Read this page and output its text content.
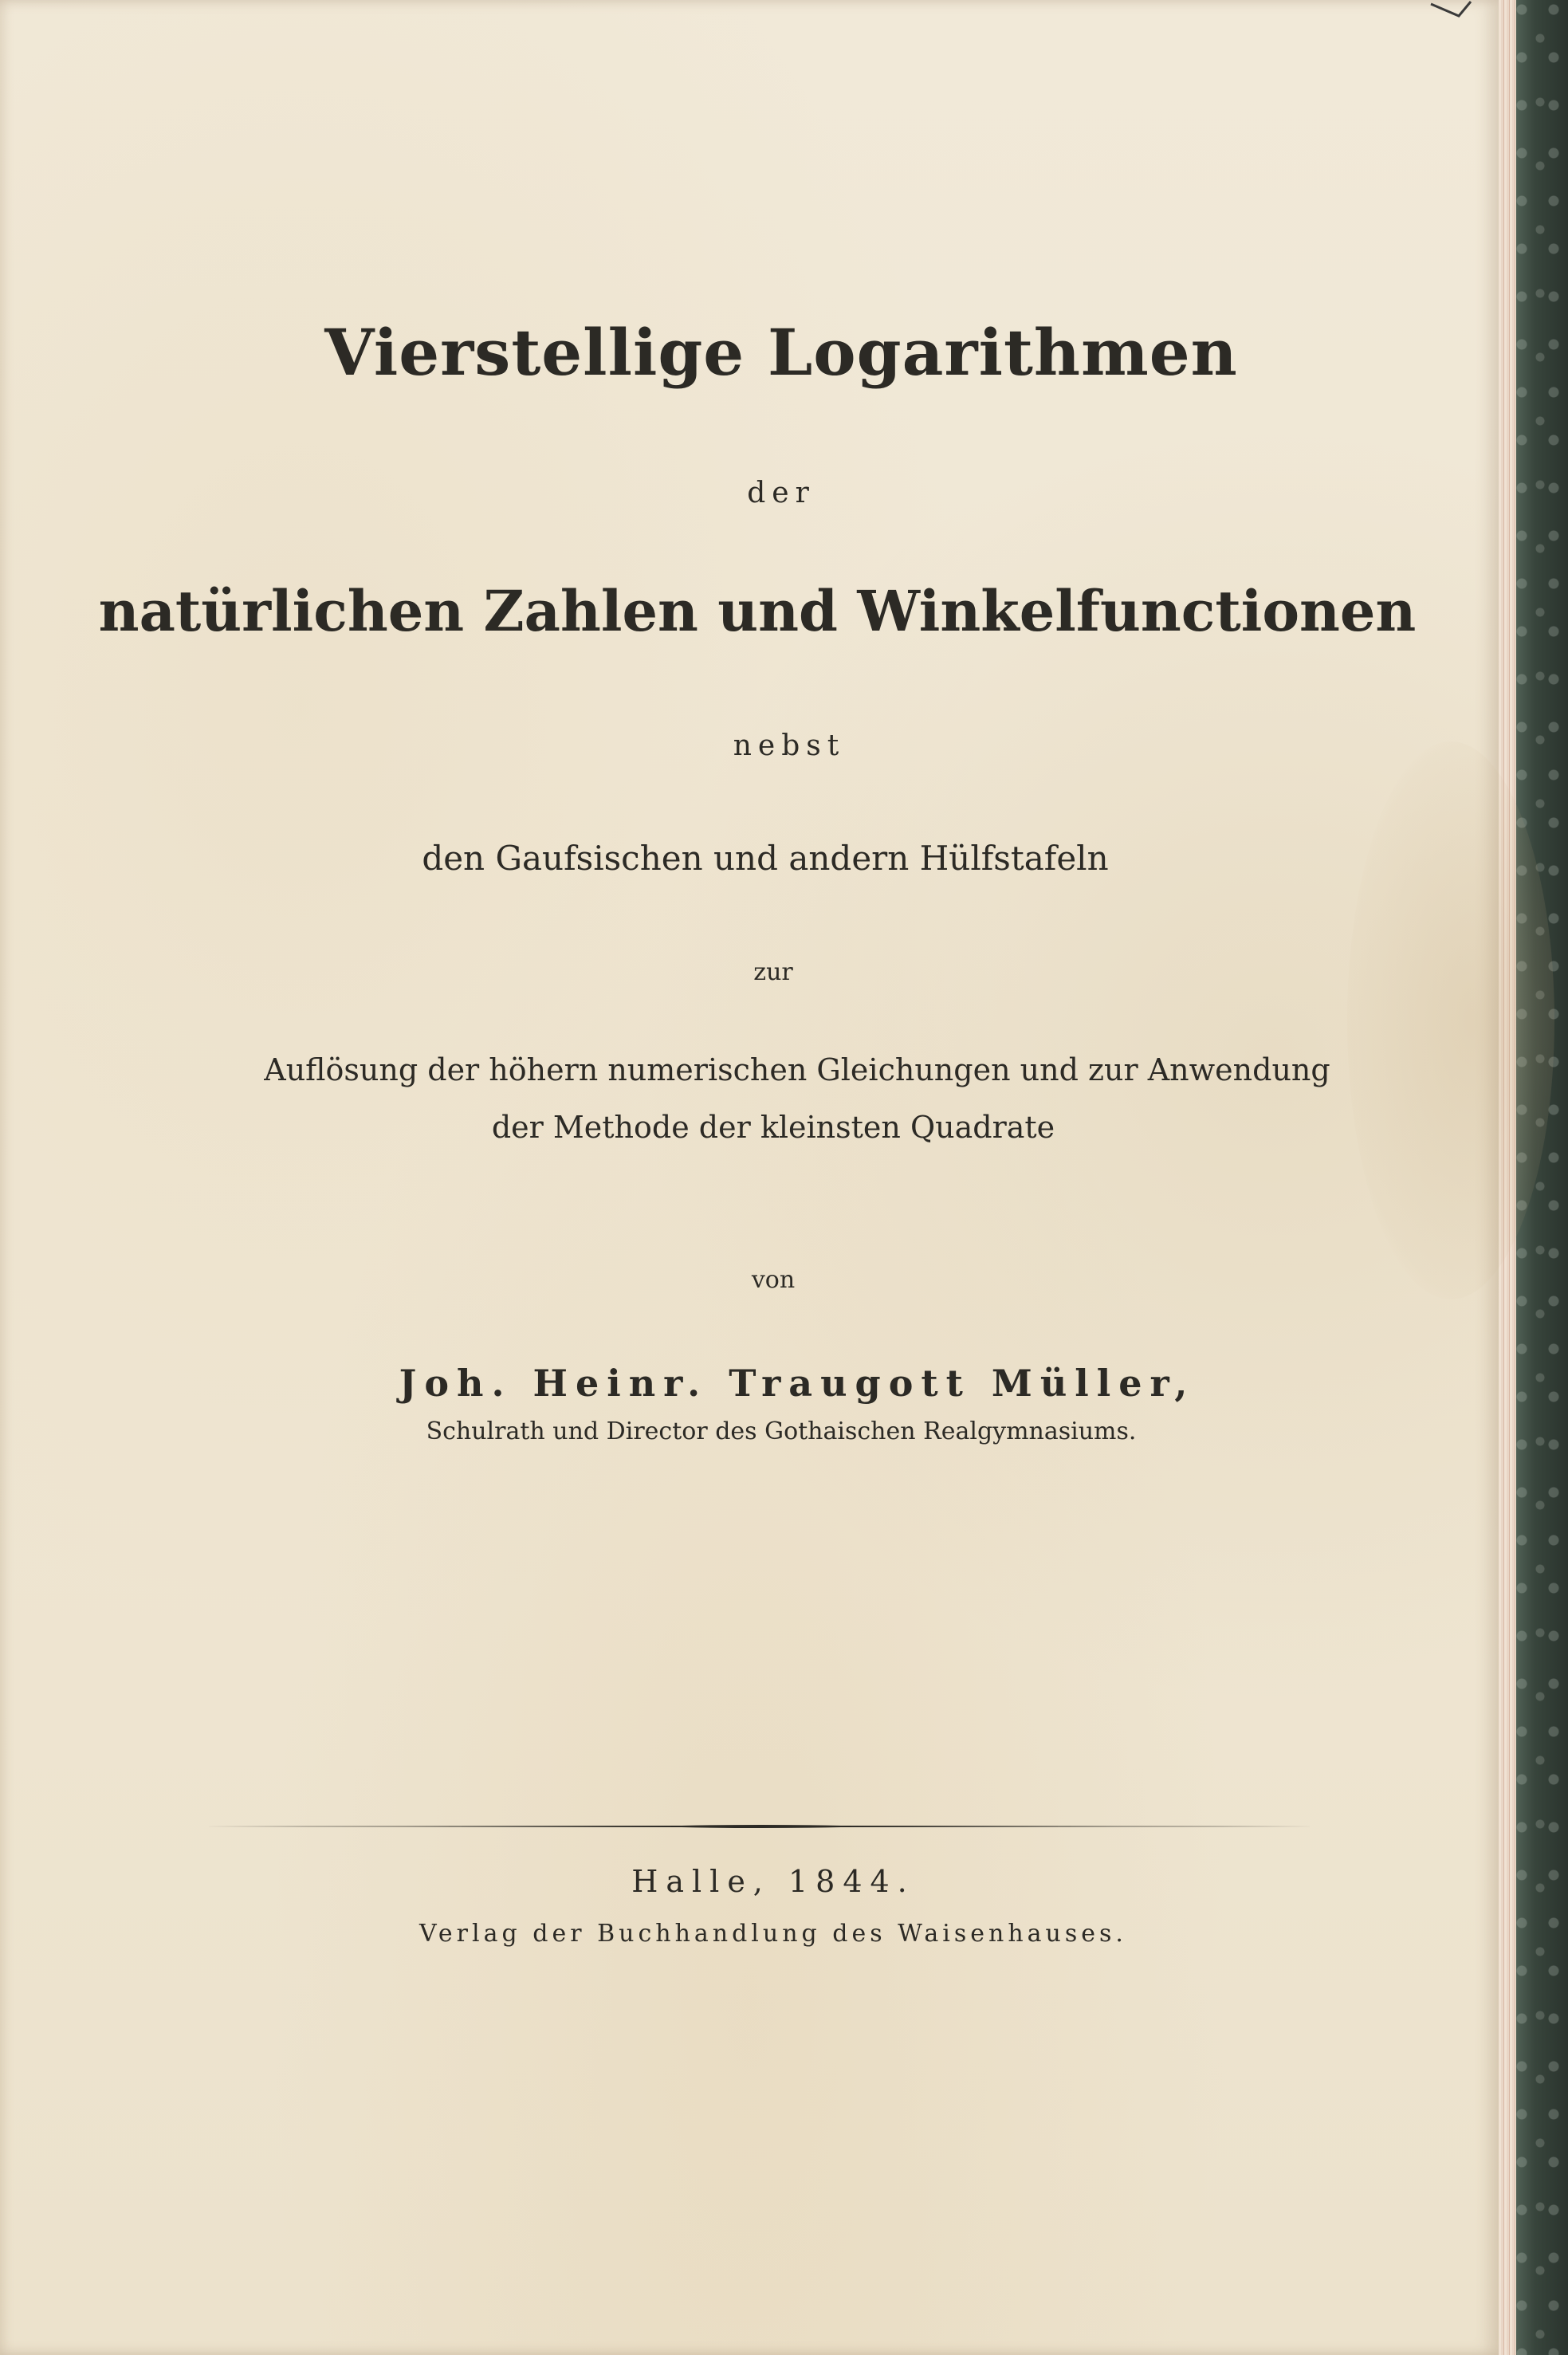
Vierstellige Logarithmen
der
natürlichen Zahlen und Winkelfunctionen
nebst
den Gaufsischen und andern Hülfstafeln
zur
Auflösung der höhern numerischen Gleichungen und zur Anwendung
der Methode der kleinsten Quadrate
von
Joh. Heinr. Traugott Müller,
Schulrath und Director des Gothaischen Realgymnasiums.
Halle, 1844.
Verlag der Buchhandlung des Waisenhauses.
